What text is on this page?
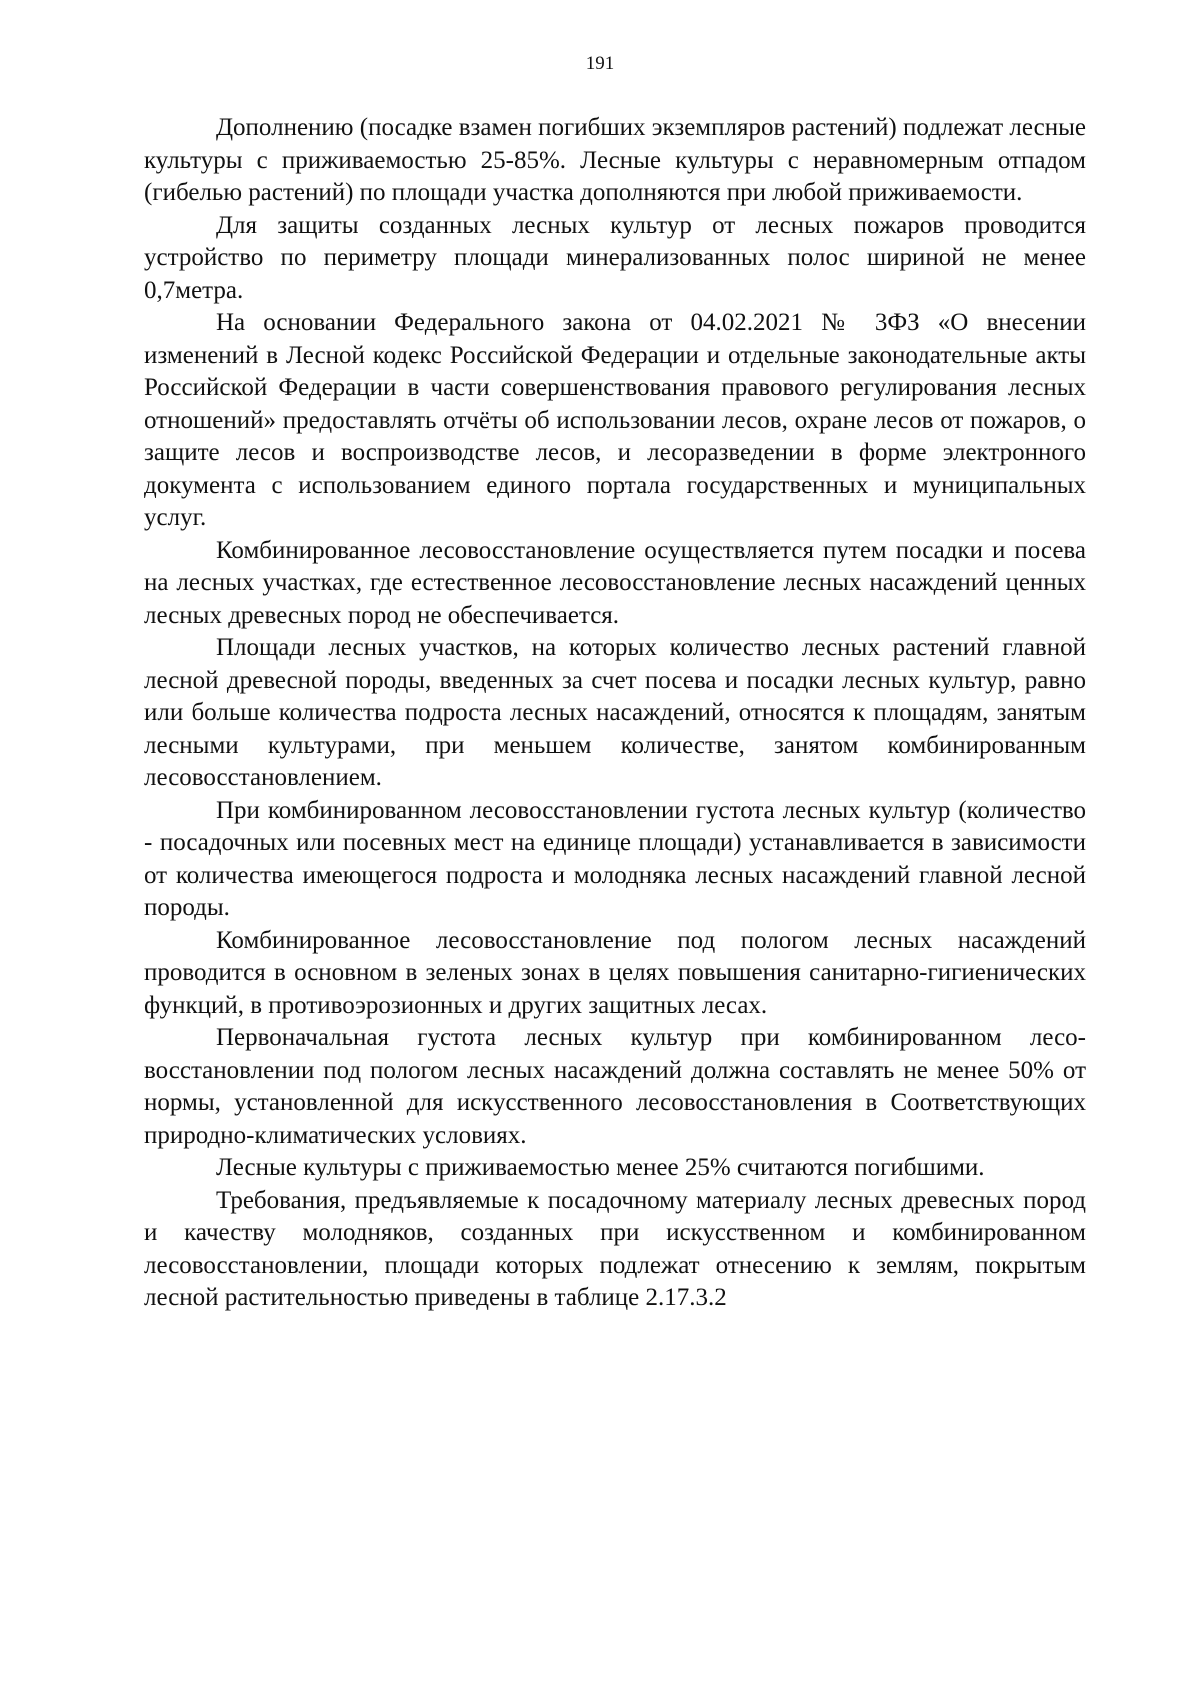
191

Дополнению (посадке взамен погибших экземпляров растений) подлежат лесные культуры с приживаемостью 25-85%. Лесные культуры с неравномерным отпадом (гибелью растений) по площади участка дополняются при любой приживаемости.

Для защиты созданных лесных культур от лесных пожаров проводится устройство по периметру площади минерализованных полос шириной не менее 0,7метра.

На основании Федерального закона от 04.02.2021 № 3ФЗ «О внесении изменений в Лесной кодекс Российской Федерации и отдельные законодательные акты Российской Федерации в части совершенствования правового регулирования лесных отношений» предоставлять отчёты об использовании лесов, охране лесов от пожаров, о защите лесов и воспроизводстве лесов, и лесоразведении в форме электронного документа с использованием единого портала государственных и муниципальных услуг.

Комбинированное лесовосстановление осуществляется путем посадки и посева на лесных участках, где естественное лесовосстановление лесных насаждений ценных лесных древесных пород не обеспечивается.

Площади лесных участков, на которых количество лесных растений главной лесной древесной породы, введенных за счет посева и посадки лесных культур, равно или больше количества подроста лесных насаждений, относятся к площадям, занятым лесными культурами, при меньшем количестве, занятом комбинированным лесовосстановлением.

При комбинированном лесовосстановлении густота лесных культур (количество - посадочных или посевных мест на единице площади) устанавливается в зависимости от количества имеющегося подроста и молодняка лесных насаждений главной лесной породы.

Комбинированное лесовосстановление под пологом лесных насаждений проводится в основном в зеленых зонах в целях повышения санитарно-гигиенических функций, в противоэрозионных и других защитных лесах.

Первоначальная густота лесных культур при комбинированном лесовосстановлении под пологом лесных насаждений должна составлять не менее 50% от нормы, установленной для искусственного лесовосстановления в Соответствующих природно-климатических условиях.

Лесные культуры с приживаемостью менее 25% считаются погибшими.

Требования, предъявляемые к посадочному материалу лесных древесных пород и качеству молодняков, созданных при искусственном и комбинированном лесовосстановлении, площади которых подлежат отнесению к землям, покрытым лесной растительностью приведены в таблице 2.17.3.2
